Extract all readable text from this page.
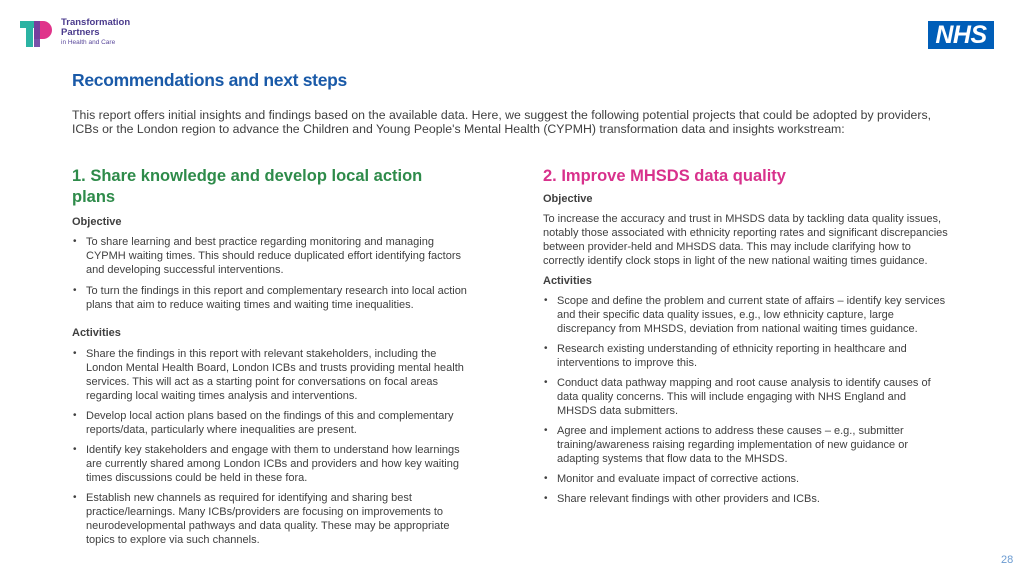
Transformation
Partners
in Health and Care	NHS
Recommendations and next steps

This report offers initial insights and findings based on the available data. Here, we suggest the following potential projects that could be adopted by providers, ICBs or the London region to advance the Children and Young People's Mental Health (CYPMH) transformation data and insights workstream:

1. Share knowledge and develop local action plans

Objective

• To share learning and best practice regarding monitoring and managing CYPMH waiting times. This should reduce duplicated effort identifying factors and developing successful interventions.
• To turn the findings in this report and complementary research into local action plans that aim to reduce waiting times and waiting time inequalities.

Activities

• Share the findings in this report with relevant stakeholders, including the London Mental Health Board, London ICBs and trusts providing mental health services. This will act as a starting point for conversations on focal areas regarding local waiting times analysis and interventions.
• Develop local action plans based on the findings of this and complementary reports/data, particularly where inequalities are present.
• Identify key stakeholders and engage with them to understand how learnings are currently shared among London ICBs and providers and how key waiting times discussions could be held in these fora.
• Establish new channels as required for identifying and sharing best practice/learnings. Many ICBs/providers are focusing on improvements to neurodevelopmental pathways and data quality. These may be appropriate topics to explore via such channels.

2. Improve MHSDS data quality

Objective

To increase the accuracy and trust in MHSDS data by tackling data quality issues, notably those associated with ethnicity reporting rates and significant discrepancies between provider-held and MHSDS data. This may include clarifying how to correctly identify clock stops in light of the new national waiting times guidance.

Activities

• Scope and define the problem and current state of affairs – identify key services and their specific data quality issues, e.g., low ethnicity capture, large discrepancy from MHSDS, deviation from national waiting times guidance.
• Research existing understanding of ethnicity reporting in healthcare and interventions to improve this.
• Conduct data pathway mapping and root cause analysis to identify causes of data quality concerns. This will include engaging with NHS England and MHSDS data submitters.
• Agree and implement actions to address these causes – e.g., submitter training/awareness raising regarding implementation of new guidance or adapting systems that flow data to the MHSDS.
• Monitor and evaluate impact of corrective actions.
• Share relevant findings with other providers and ICBs.
28
